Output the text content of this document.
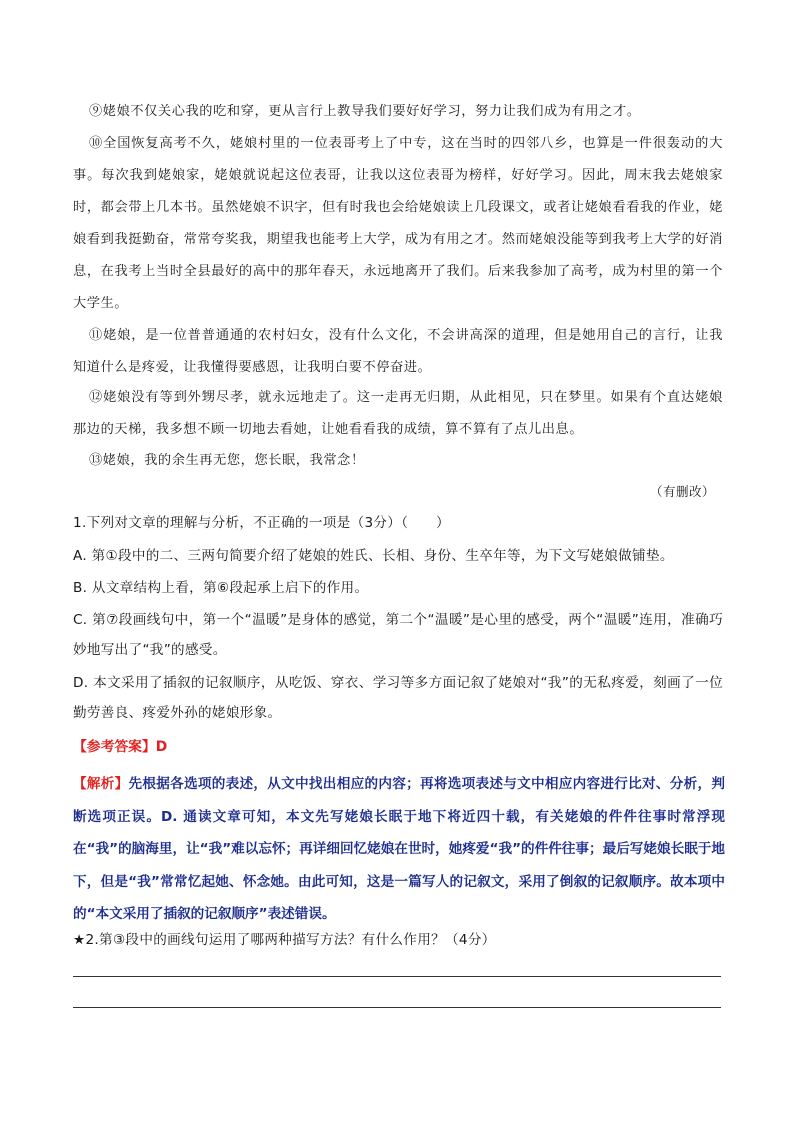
⑨姥娘不仅关心我的吃和穿，更从言行上教导我们要好好学习，努力让我们成为有用之才。

⑩全国恢复高考不久，姥娘村里的一位表哥考上了中专，这在当时的四邻八乡，也算是一件很轰动的大事。每次我到姥娘家，姥娘就说起这位表哥，让我以这位表哥为榜样，好好学习。因此，周末我去姥娘家时，都会带上几本书。虽然姥娘不识字，但有时我也会给姥娘读上几段课文，或者让姥娘看看我的作业，姥娘看到我挺勤奋，常常夸奖我，期望我也能考上大学，成为有用之才。然而姥娘没能等到我考上大学的好消息，在我考上当时全县最好的高中的那年春天，永远地离开了我们。后来我参加了高考，成为村里的第一个大学生。

⑪姥娘，是一位普普通通的农村妇女，没有什么文化，不会讲高深的道理，但是她用自己的言行，让我知道什么是疼爱，让我懂得要感恩，让我明白要不停奋进。

⑫姥娘没有等到外甥尽孝，就永远地走了。这一走再无归期，从此相见，只在梦里。如果有个直达姥娘那边的天梯，我多想不顾一切地去看她，让她看看我的成绩，算不算有了点儿出息。

⑬姥娘，我的余生再无您，您长眠，我常念！

（有删改）

1.下列对文章的理解与分析，不正确的一项是（3分）（　　）

A. 第①段中的二、三两句简要介绍了姥娘的姓氏、长相、身份、生卒年等，为下文写姥娘做铺垫。

B. 从文章结构上看，第⑥段起承上启下的作用。

C. 第⑦段画线句中，第一个“温暖”是身体的感觉，第二个“温暖”是心里的感受，两个“温暖”连用，准确巧妙地写出了“我”的感受。

D. 本文采用了插叙的记叙顺序，从吃饭、穿衣、学习等多方面记叙了姥娘对“我”的无私疼爱，刻画了一位勤劳善良、疼爱外孙的姥娘形象。

【参考答案】D

【解析】先根据各选项的表述，从文中找出相应的内容；再将选项表述与文中相应内容进行比对、分析，判断选项正误。D. 通读文章可知，本文先写姥娘长眠于地下将近四十载，有关姥娘的件件往事时常浮现在“我”的脑海里，让“我”难以忘怀；再详细回忆姥娘在世时，她疼爱“我”的件件往事；最后写姥娘长眠于地下，但是“我”常常忆起她、怀念她。由此可知，这是一篇写人的记叙文，采用了倒叙的记叙顺序。故本项中的“本文采用了插叙的记叙顺序”表述错误。

★2.第③段中的画线句运用了哪两种描写方法？有什么作用？（4分）
